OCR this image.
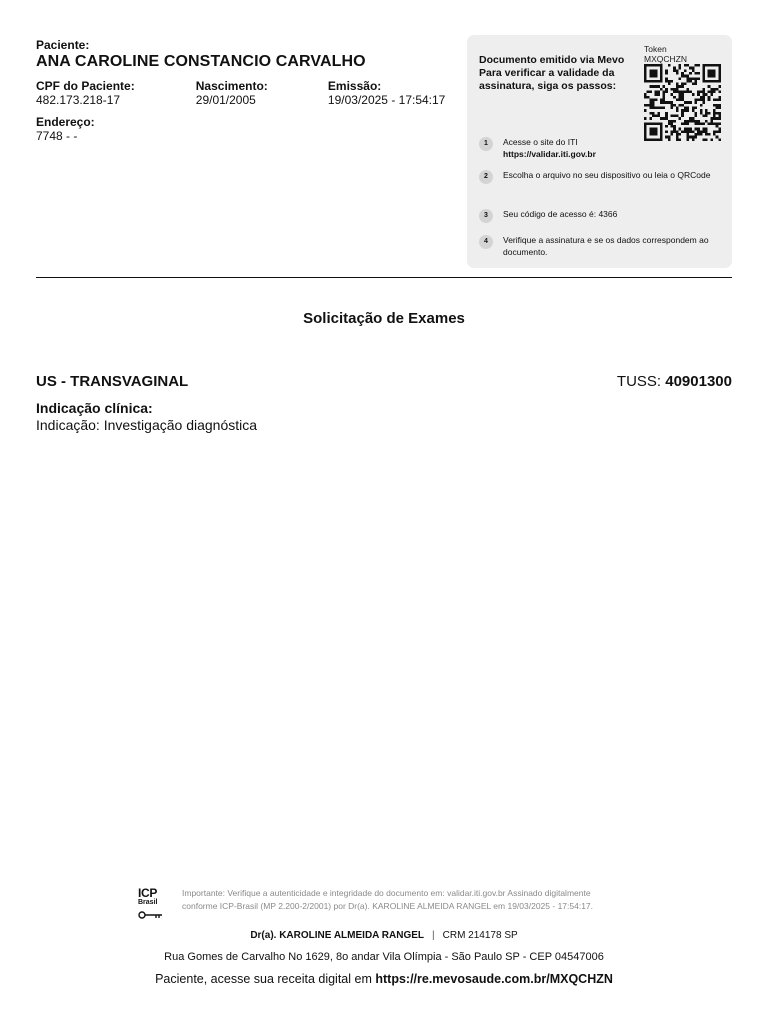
Paciente:
ANA CAROLINE CONSTANCIO CARVALHO
CPF do Paciente:
482.173.218-17
Nascimento:
29/01/2005
Emissão:
19/03/2025 - 17:54:17
Endereço:
7748 - -
Documento emitido via Mevo Para verificar a validade da assinatura, siga os passos:
Token
MXQCHZN
1	Acesse o site do ITI
https://validar.iti.gov.br
2	Escolha o arquivo no seu dispositivo ou leia o QRCode
3	Seu código de acesso é: 4366
4	Verifique a assinatura e se os dados correspondem ao documento.
Solicitação de Exames
US - TRANSVAGINAL	TUSS: 40901300
Indicação clínica:
Indicação: Investigação diagnóstica
ICP
Brasil
Importante: Verifique a autenticidade e integridade do documento em: validar.iti.gov.br Assinado digitalmente conforme ICP-Brasil (MP 2.200-2/2001) por Dr(a). KAROLINE ALMEIDA RANGEL em 19/03/2025 - 17:54:17.
Dr(a). KAROLINE ALMEIDA RANGEL | CRM 214178 SP
Rua Gomes de Carvalho No 1629, 8o andar Vila Olímpia - São Paulo SP - CEP 04547006
Paciente, acesse sua receita digital em https://re.mevosaude.com.br/MXQCHZN
